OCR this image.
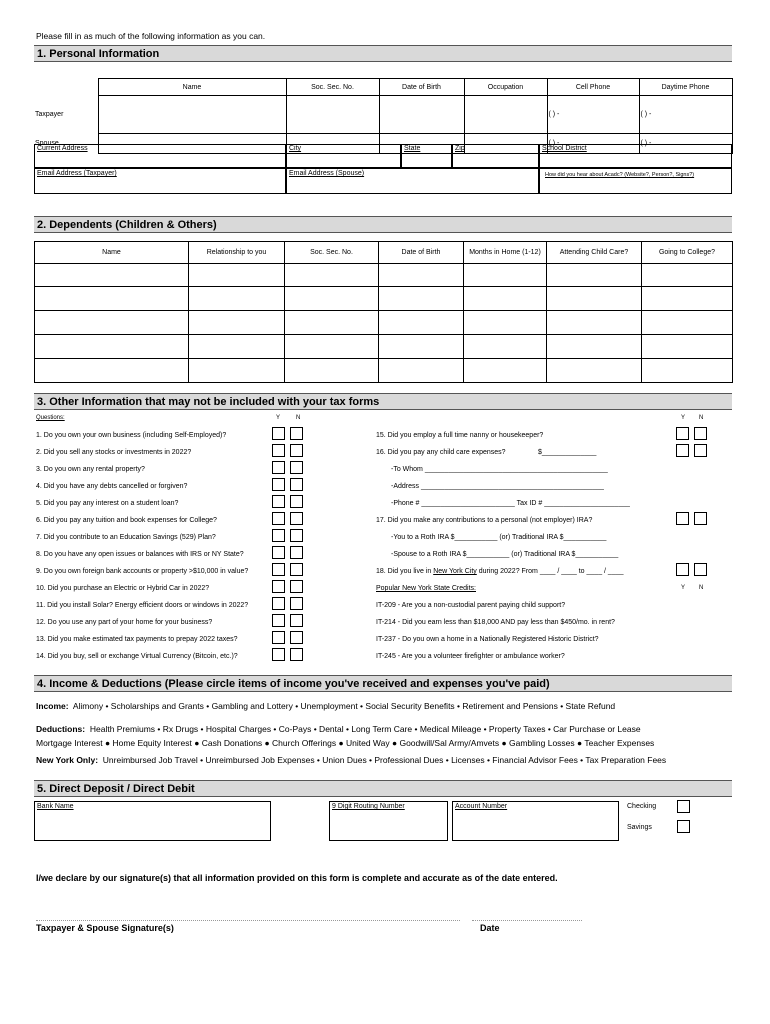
Please fill in as much of the following information as you can.
1. Personal Information
	Name	Soc. Sec. No.	Date of Birth	Occupation	Cell Phone	Daytime Phone
Taxpayer					( ) -	( ) -
Spouse					( ) -	( ) -
Current Address	City	State	Zip	School District
Email Address (Taxpayer)	Email Address (Spouse)	How did you hear about Acadc? (Website?, Person?, Signs?)
2. Dependents (Children & Others)
Name	Relationship to you	Soc. Sec. No.	Date of Birth	Months in Home (1-12)	Attending Child Care?	Going to College?

3. Other Information that may not be included with your tax forms
Questions:	Y	N	Y N
1. Do you own your own business (including Self-Employed)?
2. Did you sell any stocks or investments in 2022?
3. Do you own any rental property?
4. Did you have any debts cancelled or forgiven?
5. Did you pay any interest on a student loan?
6. Did you pay any tuition and book expenses for College?
7. Did you contribute to an Education Savings (529) Plan?
8. Do you have any open issues or balances with IRS or NY State?
9. Do you own foreign bank accounts or property >$10,000 in value?
10. Did you purchase an Electric or Hybrid Car in 2022?
11. Did you install Solar? Energy efficient doors or windows in 2022?
12. Do you use any part of your home for your business?
13. Did you make estimated tax payments to prepay 2022 taxes?
14. Did you buy, sell or exchange Virtual Currency (Bitcoin, etc.)?
15. Did you employ a full time nanny or housekeeper?
16. Did you pay any child care expenses?	$______________
-To Whom _______________________________________________
-Address _______________________________________________
-Phone # ________________________ Tax ID # ______________________
17. Did you make any contributions to a personal (not employer) IRA?
-You to a Roth IRA $___________ (or) Traditional IRA $___________
-Spouse to a Roth IRA $___________ (or) Traditional IRA $___________
18. Did you live in New York City during 2022? From ____ / ____ to ____ / ____
Popular New York State Credits:	Y N
IT-209 - Are you a non-custodial parent paying child support?
IT-214 - Did you earn less than $18,000 AND pay less than $450/mo. in rent?
IT-237 - Do you own a home in a Nationally Registered Historic District?
IT-245 - Are you a volunteer firefighter or ambulance worker?
4. Income & Deductions (Please circle items of income you've received and expenses you've paid)
Income: Alimony • Scholarships and Grants • Gambling and Lottery • Unemployment • Social Security Benefits • Retirement and Pensions • State Refund
Deductions: Health Premiums • Rx Drugs • Hospital Charges • Co-Pays • Dental • Long Term Care • Medical Mileage • Property Taxes • Car Purchase or Lease
Mortgage Interest ● Home Equity Interest ● Cash Donations ● Church Offerings ● United Way ● Goodwill/Sal Army/Amvets ● Gambling Losses ● Teacher Expenses
New York Only: Unreimbursed Job Travel • Unreimbursed Job Expenses • Union Dues • Professional Dues • Licenses • Financial Advisor Fees • Tax Preparation Fees
5. Direct Deposit / Direct Debit
Bank Name	9 Digit Routing Number	Account Number	Checking
Savings
I/we declare by our signature(s) that all information provided on this form is complete and accurate as of the date entered.
Taxpayer & Spouse Signature(s)	Date
